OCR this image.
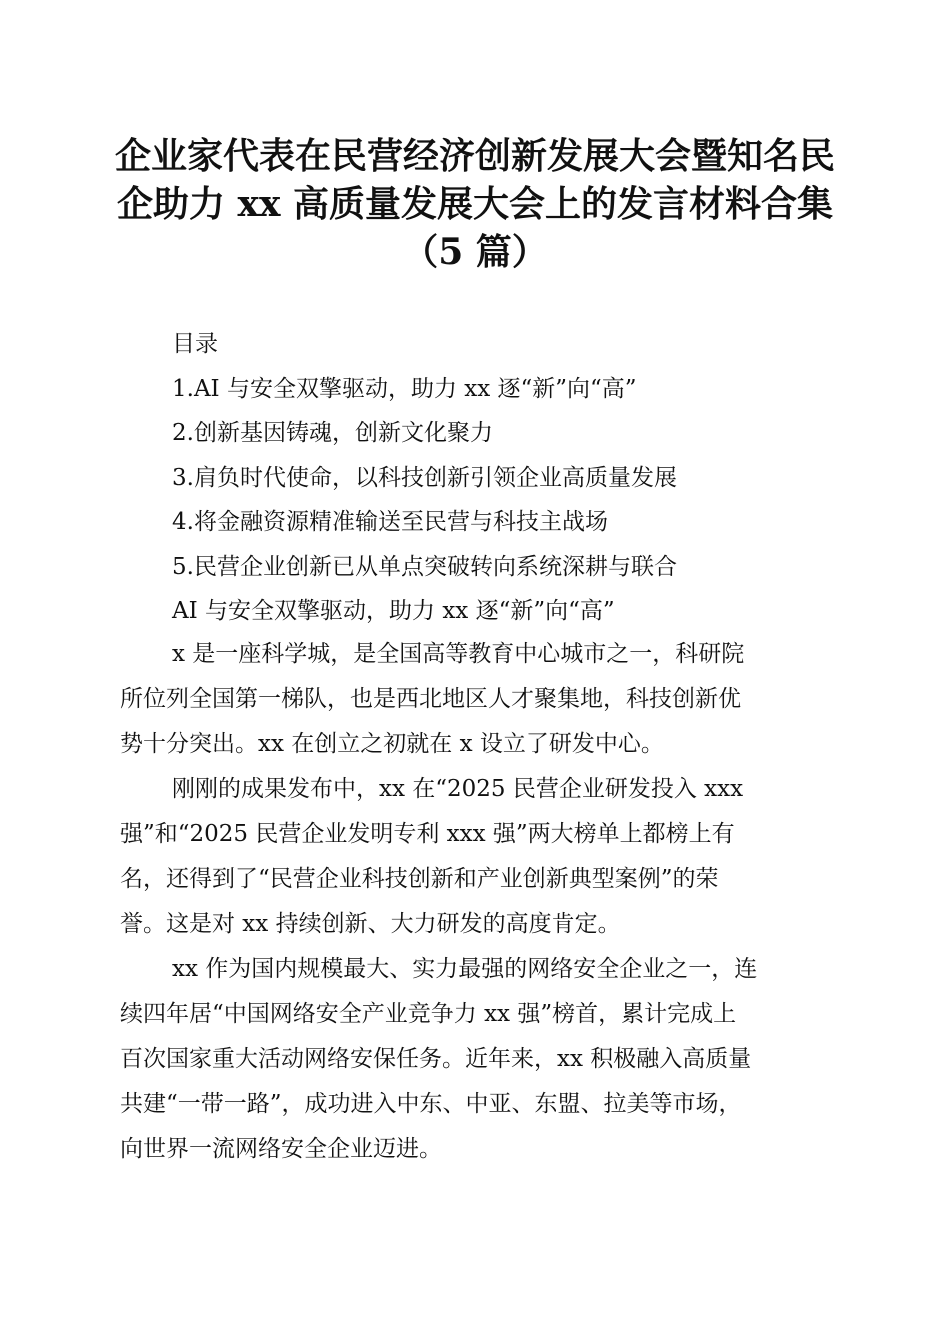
企业家代表在民营经济创新发展大会暨知名民
企助力 xx 高质量发展大会上的发言材料合集
（5 篇）
目录
1.AI 与安全双擎驱动，助力 xx 逐“新”向“高”
2.创新基因铸魂，创新文化聚力
3.肩负时代使命，以科技创新引领企业高质量发展
4.将金融资源精准输送至民营与科技主战场
5.民营企业创新已从单点突破转向系统深耕与联合
AI 与安全双擎驱动，助力 xx 逐“新”向“高”
x 是一座科学城，是全国高等教育中心城市之一，科研院
所位列全国第一梯队，也是西北地区人才聚集地，科技创新优
势十分突出。xx 在创立之初就在 x 设立了研发中心。
刚刚的成果发布中，xx 在“2025 民营企业研发投入 xxx
强”和“2025 民营企业发明专利 xxx 强”两大榜单上都榜上有
名，还得到了“民营企业科技创新和产业创新典型案例”的荣
誉。这是对 xx 持续创新、大力研发的高度肯定。
xx 作为国内规模最大、实力最强的网络安全企业之一，连
续四年居“中国网络安全产业竞争力 xx 强”榜首，累计完成上
百次国家重大活动网络安保任务。近年来，xx 积极融入高质量
共建“一带一路”，成功进入中东、中亚、东盟、拉美等市场，
向世界一流网络安全企业迈进。
